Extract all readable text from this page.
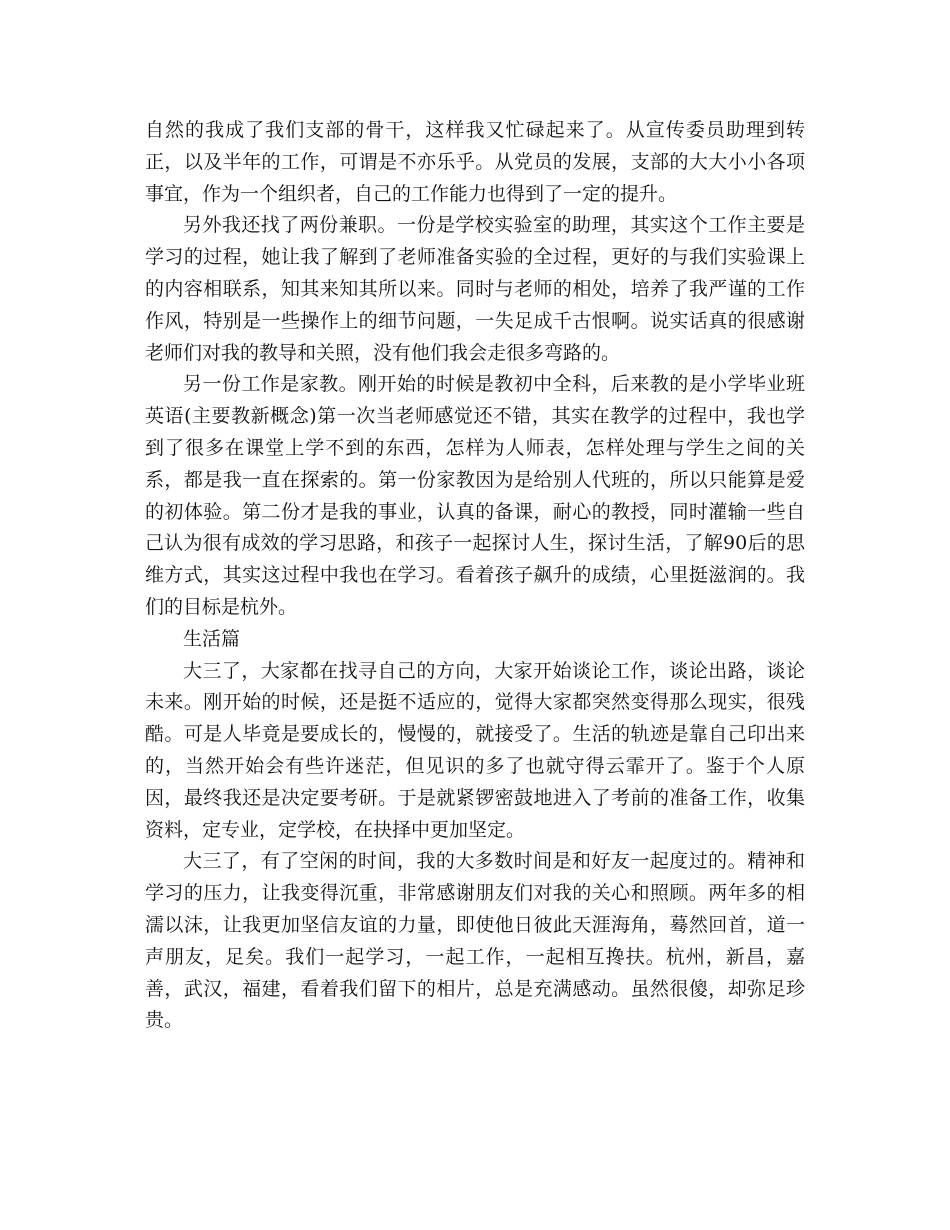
自然的我成了我们支部的骨干，这样我又忙碌起来了。从宣传委员助理到转正，以及半年的工作，可谓是不亦乐乎。从党员的发展，支部的大大小小各项事宜，作为一个组织者，自己的工作能力也得到了一定的提升。

另外我还找了两份兼职。一份是学校实验室的助理，其实这个工作主要是学习的过程，她让我了解到了老师准备实验的全过程，更好的与我们实验课上的内容相联系，知其来知其所以来。同时与老师的相处，培养了我严谨的工作作风，特别是一些操作上的细节问题，一失足成千古恨啊。说实话真的很感谢老师们对我的教导和关照，没有他们我会走很多弯路的。

另一份工作是家教。刚开始的时候是教初中全科，后来教的是小学毕业班英语(主要教新概念)第一次当老师感觉还不错，其实在教学的过程中，我也学到了很多在课堂上学不到的东西，怎样为人师表，怎样处理与学生之间的关系，都是我一直在探索的。第一份家教因为是给别人代班的，所以只能算是爱的初体验。第二份才是我的事业，认真的备课，耐心的教授，同时灌输一些自己认为很有成效的学习思路，和孩子一起探讨人生，探讨生活，了解90后的思维方式，其实这过程中我也在学习。看着孩子飙升的成绩，心里挺滋润的。我们的目标是杭外。

生活篇

大三了，大家都在找寻自己的方向，大家开始谈论工作，谈论出路，谈论未来。刚开始的时候，还是挺不适应的，觉得大家都突然变得那么现实，很残酷。可是人毕竟是要成长的，慢慢的，就接受了。生活的轨迹是靠自己印出来的，当然开始会有些许迷茫，但见识的多了也就守得云霏开了。鉴于个人原因，最终我还是决定要考研。于是就紧锣密鼓地进入了考前的准备工作，收集资料，定专业，定学校，在抉择中更加坚定。

大三了，有了空闲的时间，我的大多数时间是和好友一起度过的。精神和学习的压力，让我变得沉重，非常感谢朋友们对我的关心和照顾。两年多的相濡以沫，让我更加坚信友谊的力量，即使他日彼此天涯海角，蓦然回首，道一声朋友，足矣。我们一起学习，一起工作，一起相互搀扶。杭州，新昌，嘉善，武汉，福建，看着我们留下的相片，总是充满感动。虽然很傻，却弥足珍贵。
